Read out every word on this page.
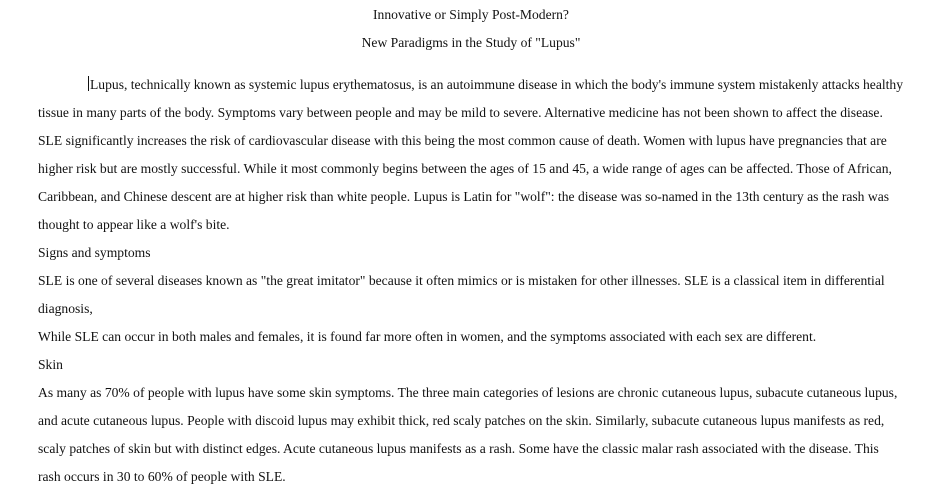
Innovative or Simply Post-Modern?
New Paradigms in the Study of "Lupus"

Lupus, technically known as systemic lupus erythematosus, is an autoimmune disease in which the body's immune system mistakenly attacks healthy tissue in many parts of the body. Symptoms vary between people and may be mild to severe. Alternative medicine has not been shown to affect the disease. SLE significantly increases the risk of cardiovascular disease with this being the most common cause of death. Women with lupus have pregnancies that are higher risk but are mostly successful. While it most commonly begins between the ages of 15 and 45, a wide range of ages can be affected. Those of African, Caribbean, and Chinese descent are at higher risk than white people. Lupus is Latin for "wolf": the disease was so-named in the 13th century as the rash was thought to appear like a wolf's bite.

Signs and symptoms

SLE is one of several diseases known as "the great imitator" because it often mimics or is mistaken for other illnesses. SLE is a classical item in differential diagnosis,

While SLE can occur in both males and females, it is found far more often in women, and the symptoms associated with each sex are different.

Skin

As many as 70% of people with lupus have some skin symptoms. The three main categories of lesions are chronic cutaneous lupus, subacute cutaneous lupus, and acute cutaneous lupus. People with discoid lupus may exhibit thick, red scaly patches on the skin. Similarly, subacute cutaneous lupus manifests as red, scaly patches of skin but with distinct edges. Acute cutaneous lupus manifests as a rash. Some have the classic malar rash associated with the disease. This rash occurs in 30 to 60% of people with SLE.
